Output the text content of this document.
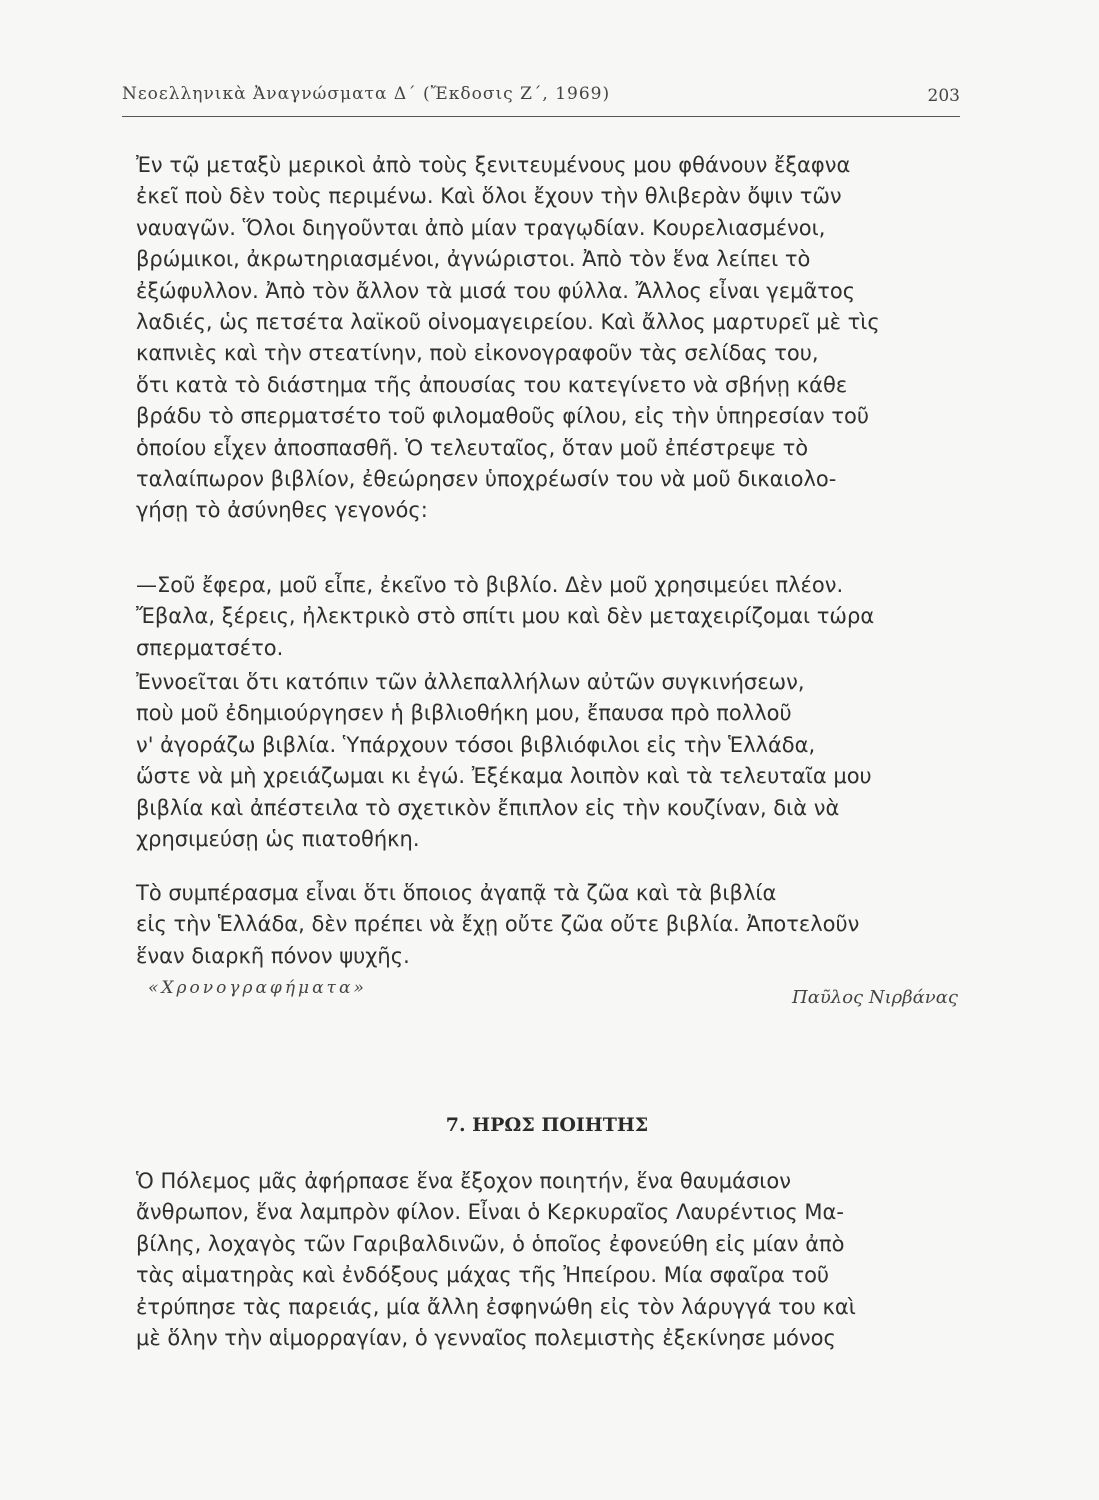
Νεοελληνικὰ Ἀναγνώσματα Δ΄ (Ἔκδοσις Ζ΄, 1969)	203
Ἐν τῷ μεταξὺ μερικοὶ ἀπὸ τοὺς ξενιτευμένους μου φθάνουν ἔξαφνα
ἐκεῖ ποὺ δὲν τοὺς περιμένω. Καὶ ὅλοι ἔχουν τὴν θλιβερὰν ὄψιν τῶν
ναυαγῶν. Ὅλοι διηγοῦνται ἀπὸ μίαν τραγῳδίαν. Κουρελιασμένοι,
βρώμικοι, ἀκρωτηριασμένοι, ἀγνώριστοι. Ἀπὸ τὸν ἕνα λείπει τὸ
ἐξώφυλλον. Ἀπὸ τὸν ἄλλον τὰ μισά του φύλλα. Ἄλλος εἶναι γεμᾶτος
λαδιές, ὡς πετσέτα λαϊκοῦ οἰνομαγειρείου. Καὶ ἄλλος μαρτυρεῖ μὲ τὶς
καπνιὲς καὶ τὴν στεατίνην, ποὺ εἰκονογραφοῦν τὰς σελίδας του,
ὅτι κατὰ τὸ διάστημα τῆς ἀπουσίας του κατεγίνετο νὰ σβήνῃ κάθε
βράδυ τὸ σπερματσέτο τοῦ φιλομαθοῦς φίλου, εἰς τὴν ὑπηρεσίαν τοῦ
ὁποίου εἶχεν ἀποσπασθῆ. Ὁ τελευταῖος, ὅταν μοῦ ἐπέστρεψε τὸ
ταλαίπωρον βιβλίον, ἐθεώρησεν ὑποχρέωσίν του νὰ μοῦ δικαιολο-
γήσῃ τὸ ἀσύνηθες γεγονός:
—Σοῦ ἔφερα, μοῦ εἶπε, ἐκεῖνο τὸ βιβλίο. Δὲν μοῦ χρησιμεύει πλέον.
Ἔβαλα, ξέρεις, ἠλεκτρικὸ στὸ σπίτι μου καὶ δὲν μεταχειρίζομαι τώρα
σπερματσέτο.
Ἐννοεῖται ὅτι κατόπιν τῶν ἀλλεπαλλήλων αὐτῶν συγκινήσεων,
ποὺ μοῦ ἐδημιούργησεν ἡ βιβλιοθήκη μου, ἔπαυσα πρὸ πολλοῦ
ν' ἀγοράζω βιβλία. Ὑπάρχουν τόσοι βιβλιόφιλοι εἰς τὴν Ἑλλάδα,
ὥστε νὰ μὴ χρειάζωμαι κι ἐγώ. Ἐξέκαμα λοιπὸν καὶ τὰ τελευταῖα μου
βιβλία καὶ ἀπέστειλα τὸ σχετικὸν ἔπιπλον εἰς τὴν κουζίναν, διὰ νὰ
χρησιμεύσῃ ὡς πιατοθήκη.
Τὸ συμπέρασμα εἶναι ὅτι ὅποιος ἀγαπᾷ τὰ ζῶα καὶ τὰ βιβλία
εἰς τὴν Ἑλλάδα, δὲν πρέπει νὰ ἔχῃ οὔτε ζῶα οὔτε βιβλία. Ἀποτελοῦν
ἕναν διαρκῆ πόνον ψυχῆς.
«Χρονογραφήματα»	Παῦλος Νιρβάνας
7. ΗΡΩΣ ΠΟΙΗΤΗΣ
Ὁ Πόλεμος μᾶς ἀφήρπασε ἕνα ἔξοχον ποιητήν, ἕνα θαυμάσιον
ἄνθρωπον, ἕνα λαμπρὸν φίλον. Εἶναι ὁ Κερκυραῖος Λαυρέντιος Μα-
βίλης, λοχαγὸς τῶν Γαριβαλδινῶν, ὁ ὁποῖος ἐφονεύθη εἰς μίαν ἀπὸ
τὰς αἱματηρὰς καὶ ἐνδόξους μάχας τῆς Ἠπείρου. Μία σφαῖρα τοῦ
ἐτρύπησε τὰς παρειάς, μία ἄλλη ἐσφηνώθη εἰς τὸν λάρυγγά του καὶ
μὲ ὅλην τὴν αἱμορραγίαν, ὁ γενναῖος πολεμιστὴς ἐξεκίνησε μόνος
